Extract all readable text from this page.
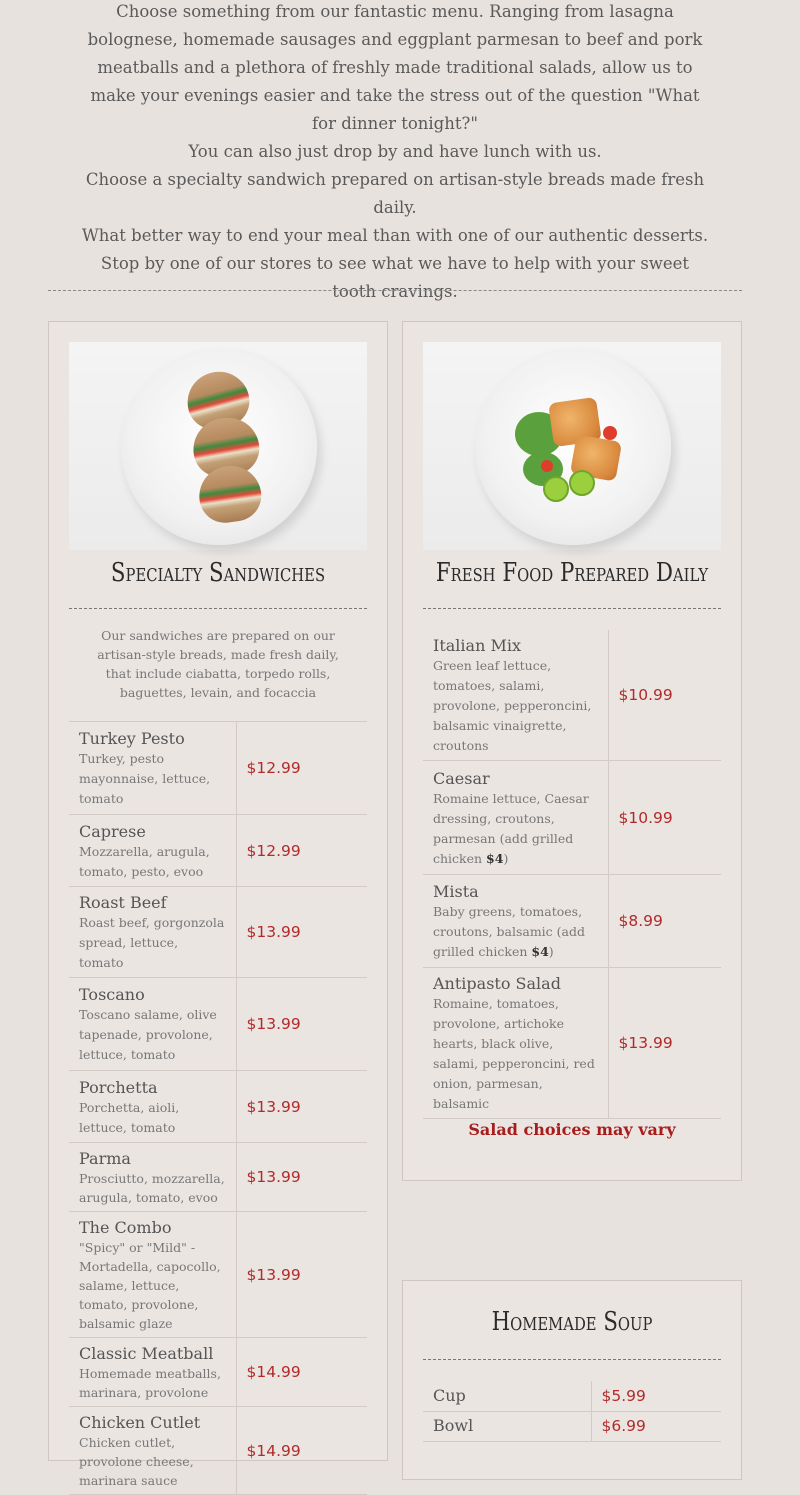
Choose something from our fantastic menu. Ranging from lasagna bolognese, homemade sausages and eggplant parmesan to beef and pork meatballs and a plethora of freshly made traditional salads, allow us to make your evenings easier and take the stress out of the question "What for dinner tonight?"

You can also just drop by and have lunch with us.

Choose a specialty sandwich prepared on artisan-style breads made fresh daily.

What better way to end your meal than with one of our authentic desserts.

Stop by one of our stores to see what we have to help with your sweet tooth cravings.

Specialty Sandwiches
Our sandwiches are prepared on our artisan-style breads, made fresh daily, that include ciabatta, torpedo rolls, baguettes, levain, and focaccia
Turkey Pesto
Turkey, pesto mayonnaise, lettuce, tomato	$12.99

Caprese
Mozzarella, arugula, tomato, pesto, evoo	$12.99

Roast Beef
Roast beef, gorgonzola spread, lettuce, tomato	$13.99

Toscano
Toscano salame, olive tapenade, provolone, lettuce, tomato	$13.99

Porchetta
Porchetta, aioli, lettuce, tomato	$13.99

Parma
Prosciutto, mozzarella, arugula, tomato, evoo	$13.99

The Combo
"Spicy" or "Mild" - Mortadella, capocollo, salame, lettuce, tomato, provolone, balsamic glaze	$13.99

Classic Meatball
Homemade meatballs, marinara, provolone	$14.99

Chicken Cutlet
Chicken cutlet, provolone cheese, marinara sauce	$14.99
Fresh Food Prepared Daily
Italian Mix
Green leaf lettuce, tomatoes, salami, provolone, pepperoncini, balsamic vinaigrette, croutons	$10.99

Caesar
Romaine lettuce, Caesar dressing, croutons, parmesan (add grilled chicken $4)	$10.99

Mista
Baby greens, tomatoes, croutons, balsamic (add grilled chicken $4)	$8.99

Antipasto Salad
Romaine, tomatoes, provolone, artichoke hearts, black olive, salami, pepperoncini, red onion, parmesan, balsamic	$13.99
Salad choices may vary
Homemade Soup
Cup	$5.99

Bowl	$6.99
